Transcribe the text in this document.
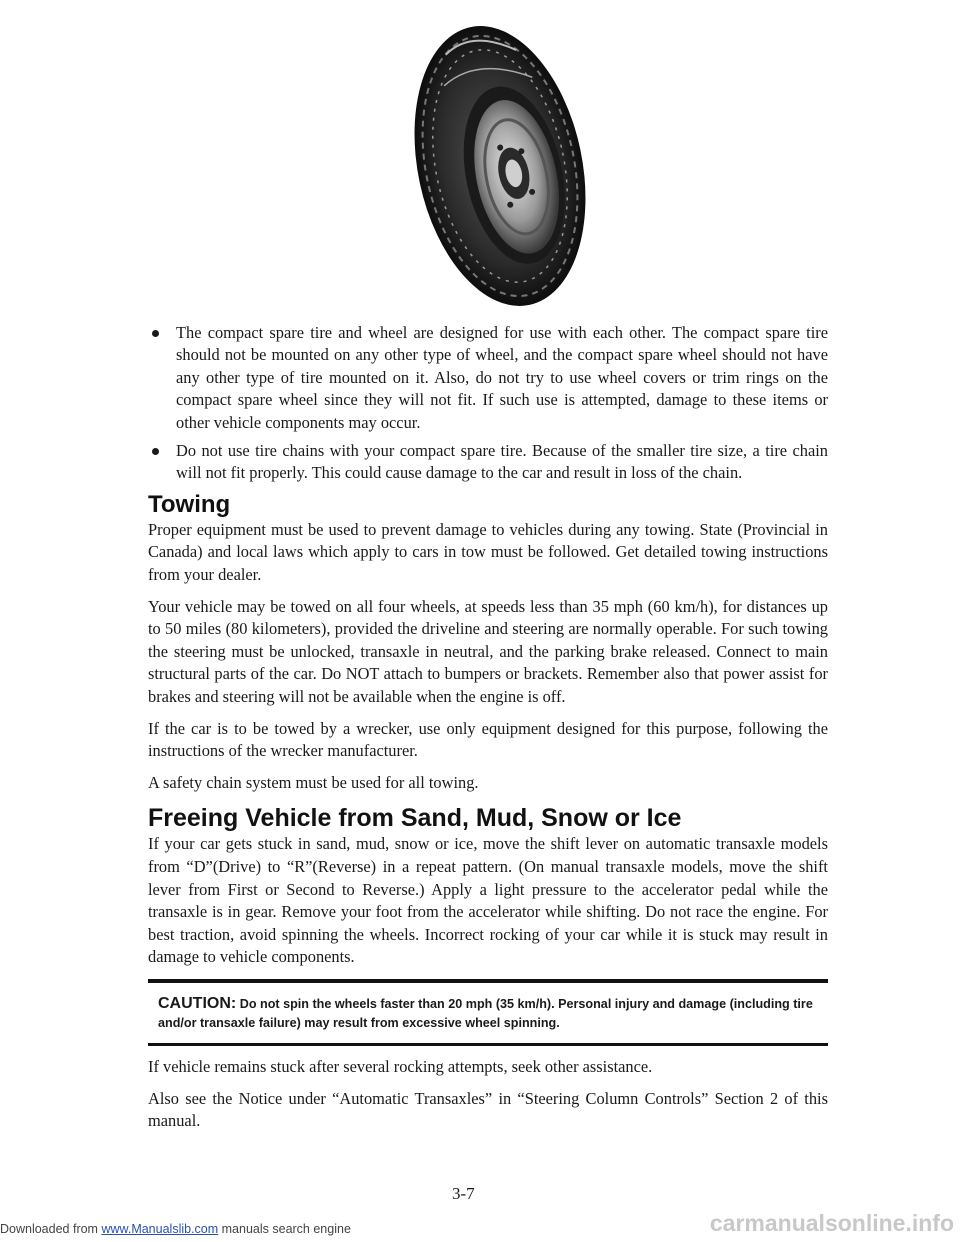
The compact spare tire and wheel are designed for use with each other. The compact spare tire should not be mounted on any other type of wheel, and the compact spare wheel should not have any other type of tire mounted on it. Also, do not try to use wheel covers or trim rings on the compact spare wheel since they will not fit. If such use is attempted, damage to these items or other vehicle components may occur.
Do not use tire chains with your compact spare tire. Because of the smaller tire size, a tire chain will not fit properly. This could cause damage to the car and result in loss of the chain.
Towing

Proper equipment must be used to prevent damage to vehicles during any towing. State (Provincial in Canada) and local laws which apply to cars in tow must be followed. Get detailed towing instructions from your dealer.

Your vehicle may be towed on all four wheels, at speeds less than 35 mph (60 km/h), for distances up to 50 miles (80 kilometers), provided the driveline and steering are normally operable. For such towing the steering must be unlocked, transaxle in neutral, and the parking brake released. Connect to main structural parts of the car. Do NOT attach to bumpers or brackets. Remember also that power assist for brakes and steering will not be available when the engine is off.

If the car is to be towed by a wrecker, use only equipment designed for this purpose, following the instructions of the wrecker manufacturer.

A safety chain system must be used for all towing.

Freeing Vehicle from Sand, Mud, Snow or Ice

If your car gets stuck in sand, mud, snow or ice, move the shift lever on automatic transaxle models from “D”(Drive) to “R”(Reverse) in a repeat pattern. (On manual transaxle models, move the shift lever from First or Second to Reverse.) Apply a light pressure to the accelerator pedal while the transaxle is in gear. Remove your foot from the accelerator while shifting. Do not race the engine. For best traction, avoid spinning the wheels. Incorrect rocking of your car while it is stuck may result in damage to vehicle components.

CAUTION: Do not spin the wheels faster than 20 mph (35 km/h). Personal injury and damage (including tire and/or transaxle failure) may result from excessive wheel spinning.

If vehicle remains stuck after several rocking attempts, seek other assistance.

Also see the Notice under “Automatic Transaxles” in “Steering Column Controls” Section 2 of this manual.

3-7
Downloaded from www.Manualslib.com manuals search engine	carmanualsonline.info
